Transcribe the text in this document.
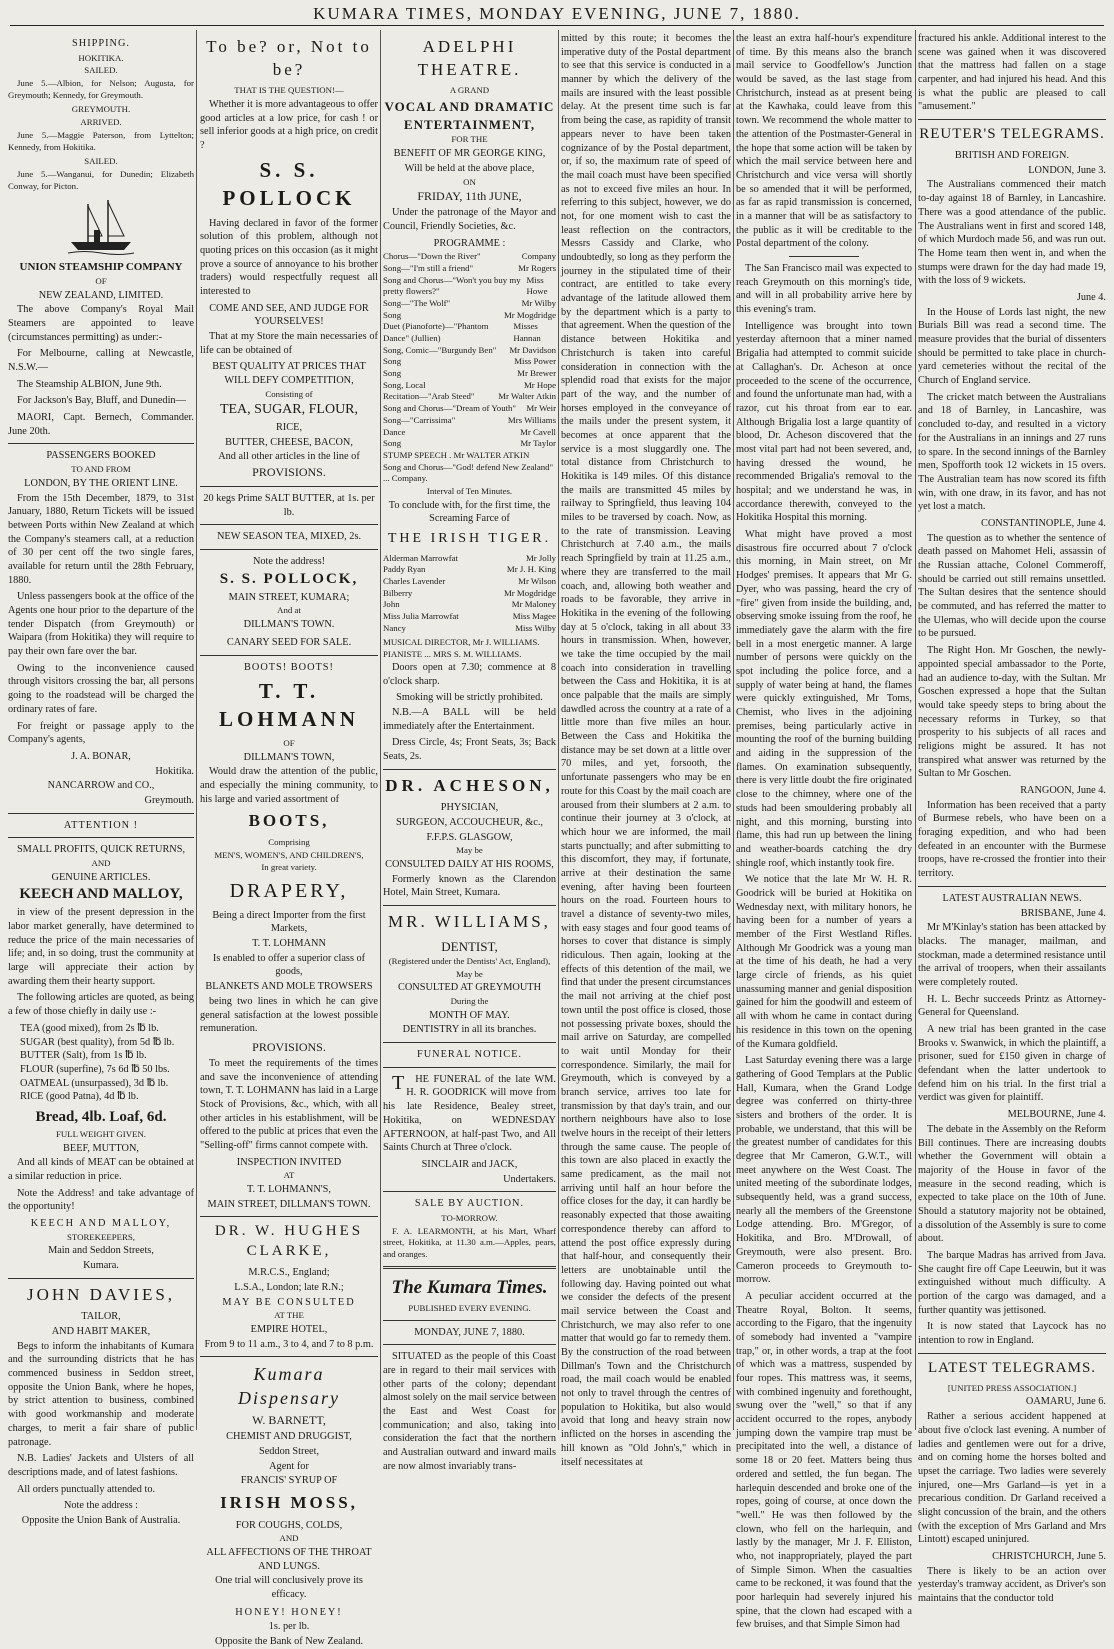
KUMARA TIMES, MONDAY EVENING, JUNE 7, 1880.
SHIPPING.
HOKITIKA.
SAILED.

June 5.—Albion, for Nelson; Augusta, for Greymouth; Kennedy, for Greymouth.

GREYMOUTH.
ARRIVED.

June 5.—Maggie Paterson, from Lyttelton; Kennedy, from Hokitika.

SAILED.

June 5.—Wanganui, for Dunedin; Elizabeth Conway, for Picton.

UNION STEAMSHIP COMPANY
OF
NEW ZEALAND, LIMITED.

The above Company's Royal Mail Steamers are appointed to leave (circumstances permitting) as under:-

For Melbourne, calling at Newcastle, N.S.W.—

The Steamship ALBION, June 9th.

For Jackson's Bay, Bluff, and Dunedin—

MAORI, Capt. Bernech, Commander. June 20th.

PASSENGERS BOOKED
TO AND FROM
LONDON, BY THE ORIENT LINE.

From the 15th December, 1879, to 31st January, 1880, Return Tickets will be issued between Ports within New Zealand at which the Company's steamers call, at a reduction of 30 per cent off the two single fares, available for return until the 28th February, 1880.

Unless passengers book at the office of the Agents one hour prior to the departure of the tender Dispatch (from Greymouth) or Waipara (from Hokitika) they will require to pay their own fare over the bar.

Owing to the inconvenience caused through visitors crossing the bar, all persons going to the roadstead will be charged the ordinary rates of fare.

For freight or passage apply to the Company's agents,

J. A. BONAR,
Hokitika.
NANCARROW and CO.,
Greymouth.
ATTENTION !
SMALL PROFITS, QUICK RETURNS,
AND
GENUINE ARTICLES.
KEECH AND MALLOY,

in view of the present depression in the labor market generally, have determined to reduce the price of the main necessaries of life; and, in so doing, trust the community at large will appreciate their action by awarding them their hearty support.

The following articles are quoted, as being a few of those chiefly in daily use :-

TEA (good mixed), from 2s ℔ lb.
SUGAR (best quality), from 5d ℔ lb.
BUTTER (Salt), from 1s ℔ lb.
FLOUR (superfine), 7s 6d ℔ 50 lbs.
OATMEAL (unsurpassed), 3d ℔ lb.
RICE (good Patna), 4d ℔ lb.
Bread, 4lb. Loaf, 6d.
FULL WEIGHT GIVEN.
BEEF, MUTTON,

And all kinds of MEAT can be obtained at a similar reduction in price.

Note the Address! and take advantage of the opportunity!

KEECH AND MALLOY,
STOREKEEPERS,
Main and Seddon Streets,
Kumara.
JOHN DAVIES,
TAILOR,
AND HABIT MAKER,

Begs to inform the inhabitants of Kumara and the surrounding districts that he has commenced business in Seddon street, opposite the Union Bank, where he hopes, by strict attention to business, combined with good workmanship and moderate charges, to merit a fair share of public patronage.

N.B. Ladies' Jackets and Ulsters of all descriptions made, and of latest fashions.

All orders punctually attended to.

Note the address :
Opposite the Union Bank of Australia.
To be? or, Not to be?
THAT IS THE QUESTION!—

Whether it is more advantageous to offer good articles at a low price, for cash ! or sell inferior goods at a high price, on credit ?

S. S. POLLOCK

Having declared in favor of the former solution of this problem, although not quoting prices on this occasion (as it might prove a source of annoyance to his brother traders) would respectfully request all interested to

COME AND SEE, AND JUDGE FOR YOURSELVES!

That at my Store the main necessaries of life can be obtained of

BEST QUALITY AT PRICES THAT WILL DEFY COMPETITION,
Consisting of
TEA, SUGAR, FLOUR,
RICE,
BUTTER, CHEESE, BACON,
And all other articles in the line of
PROVISIONS.
20 kegs Prime SALT BUTTER, at 1s. per lb.
NEW SEASON TEA, MIXED, 2s.
Note the address!
S. S. POLLOCK,
MAIN STREET, KUMARA;
And at
DILLMAN'S TOWN.
CANARY SEED FOR SALE.
BOOTS! BOOTS!
T. T. LOHMANN
OF
DILLMAN'S TOWN,

Would draw the attention of the public, and especially the mining community, to his large and varied assortment of

BOOTS,
Comprising
MEN'S, WOMEN'S, AND CHILDREN'S,
In great variety.
DRAPERY,
Being a direct Importer from the first Markets,
T. T. LOHMANN
Is enabled to offer a superior class of goods,
BLANKETS AND MOLE TROWSERS

being two lines in which he can give general satisfaction at the lowest possible remuneration.

PROVISIONS.

To meet the requirements of the times and save the inconvenience of attending town, T. T. LOHMANN has laid in a Large Stock of Provisions, &c., which, with all other articles in his establishment, will be offered to the public at prices that even the "Selling-off" firms cannot compete with.

INSPECTION INVITED
AT
T. T. LOHMANN'S,
MAIN STREET, DILLMAN'S TOWN.
DR. W. HUGHES CLARKE,
M.R.C.S., England;
L.S.A., London; late R.N.;
MAY BE CONSULTED
AT THE
EMPIRE HOTEL,
From 9 to 11 a.m., 3 to 4, and 7 to 8 p.m.
Kumara Dispensary
W. BARNETT,
CHEMIST AND DRUGGIST,
Seddon Street,
Agent for
FRANCIS' SYRUP OF
IRISH MOSS,
FOR COUGHS, COLDS,
AND
ALL AFFECTIONS OF THE THROAT AND LUNGS.
One trial will conclusively prove its efficacy.
HONEY! HONEY!
1s. per lb.
Opposite the Bank of New Zealand.
ADELPHI THEATRE.
A GRAND
VOCAL AND DRAMATIC
ENTERTAINMENT,
FOR THE
BENEFIT OF MR GEORGE KING,
Will be held at the above place,
ON
FRIDAY, 11th JUNE,

Under the patronage of the Mayor and Council, Friendly Societies, &c.

PROGRAMME :
Chorus—"Down the River"	Company
Song—"I'm still a friend"	Mr Rogers
Song and Chorus—"Won't you buy my pretty flowers?"
Miss Howe
Song—"The Wolf"	Mr Wilby
Song	Mr Mogdridge
Duet (Pianoforte)—"Phantom Dance" (Jullien)
Misses Hannan
Song, Comic—"Burgundy Ben" Mr Davidson
Song	Miss Power
Song	Mr Brewer
Song, Local	Mr Hope
Recitation—"Arab Steed"	Mr Walter Atkin
Song and Chorus—"Dream of Youth" Mr Weir
Song—"Carrissima"	Mrs Williams
Dance	Mr Cavell
Song	Mr Taylor
STUMP SPEECH . Mr WALTER ATKIN
Song and Chorus—"God! defend New Zealand" ... Company.
Interval of Ten Minutes.
To conclude with, for the first time, the Screaming Farce of
THE IRISH TIGER.
Alderman Marrowfat	Mr Jolly
Paddy Ryan	Mr J. H. King
Charles Lavender	Mr Wilson
Bilberry	Mr Mogdridge
John	Mr Maloney
Miss Julia Marrowfat	Miss Magee
Nancy	Miss Wilby
MUSICAL DIRECTOR, Mr J. WILLIAMS.
PIANISTE ... MRS S. M. WILLIAMS.

Doors open at 7.30; commence at 8 o'clock sharp.

Smoking will be strictly prohibited.

N.B.—A BALL will be held immediately after the Entertainment.

Dress Circle, 4s; Front Seats, 3s; Back Seats, 2s.

DR. ACHESON,
PHYSICIAN,
SURGEON, ACCOUCHEUR, &c.,
F.F.P.S. GLASGOW,
May be
CONSULTED DAILY AT HIS ROOMS,

Formerly known as the Clarendon Hotel, Main Street, Kumara.

MR. WILLIAMS,
DENTIST,
(Registered under the Dentists' Act, England),
May be
CONSULTED AT GREYMOUTH
During the
MONTH OF MAY.
DENTISTRY in all its branches.
FUNERAL NOTICE.

THE FUNERAL of the late WM. H. R. GOODRICK will move from his late Residence, Bealey street, Hokitika, on WEDNESDAY AFTERNOON, at half-past Two, and All Saints Church at Three o'clock.

SINCLAIR and JACK,
Undertakers.
SALE BY AUCTION.
TO-MORROW.

F. A. LEARMONTH, at his Mart, Wharf street, Hokitika, at 11.30 a.m.—Apples, pears, and oranges.

The Kumara Times.
PUBLISHED EVERY EVENING.
MONDAY, JUNE 7, 1880.

SITUATED as the people of this Coast are in regard to their mail services with other parts of the colony; dependant almost solely on the mail service between the East and West Coast for communication; and also, taking into consideration the fact that the northern and Australian outward and inward mails are now almost invariably trans-

mitted by this route; it becomes the imperative duty of the Postal department to see that this service is conducted in a manner by which the delivery of the mails are insured with the least possible delay. At the present time such is far from being the case, as rapidity of transit appears never to have been taken cognizance of by the Postal department, or, if so, the maximum rate of speed of the mail coach must have been specified as not to exceed five miles an hour. In referring to this subject, however, we do not, for one moment wish to cast the least reflection on the contractors, Messrs Cassidy and Clarke, who undoubtedly, so long as they perform the journey in the stipulated time of their contract, are entitled to take every advantage of the latitude allowed them by the department which is a party to that agreement. When the question of the distance between Hokitika and Christchurch is taken into careful consideration in connection with the splendid road that exists for the major part of the way, and the number of horses employed in the conveyance of the mails under the present system, it becomes at once apparent that the service is a most sluggardly one. The total distance from Christchurch to Hokitika is 149 miles. Of this distance the mails are transmitted 45 miles by railway to Springfield, thus leaving 104 miles to be traversed by coach. Now, as to the rate of transmission. Leaving Christchurch at 7.40 a.m., the mails reach Springfield by train at 11.25 a.m., where they are transferred to the mail coach, and, allowing both weather and roads to be favorable, they arrive in Hokitika in the evening of the following day at 5 o'clock, taking in all about 33 hours in transmission. When, however, we take the time occupied by the mail coach into consideration in travelling between the Cass and Hokitika, it is at once palpable that the mails are simply dawdled across the country at a rate of a little more than five miles an hour. Between the Cass and Hokitika the distance may be set down at a little over 70 miles, and yet, forsooth, the unfortunate passengers who may be en route for this Coast by the mail coach are aroused from their slumbers at 2 a.m. to continue their journey at 3 o'clock, at which hour we are informed, the mail starts punctually; and after submitting to this discomfort, they may, if fortunate, arrive at their destination the same evening, after having been fourteen hours on the road. Fourteen hours to travel a distance of seventy-two miles, with easy stages and four good teams of horses to cover that distance is simply ridiculous. Then again, looking at the effects of this detention of the mail, we find that under the present circumstances the mail not arriving at the chief post town until the post office is closed, those not possessing private boxes, should the mail arrive on Saturday, are compelled to wait until Monday for their correspondence. Similarly, the mail for Greymouth, which is conveyed by a branch service, arrives too late for transmission by that day's train, and our northern neighbours have also to lose twelve hours in the receipt of their letters through the same cause. The people of this town are also placed in exactly the same predicament, as the mail not arriving until half an hour before the office closes for the day, it can hardly be reasonably expected that those awaiting correspondence thereby can afford to attend the post office expressly during that half-hour, and consequently their letters are unobtainable until the following day. Having pointed out what we consider the defects of the present mail service between the Coast and Christchurch, we may also refer to one matter that would go far to remedy them. By the construction of the road between Dillman's Town and the Christchurch road, the mail coach would be enabled not only to travel through the centres of population to Hokitika, but also would avoid that long and heavy strain now inflicted on the horses in ascending the hill known as "Old John's," which in itself necessitates at

the least an extra half-hour's expenditure of time. By this means also the branch mail service to Goodfellow's Junction would be saved, as the last stage from Christchurch, instead as at present being at the Kawhaka, could leave from this town. We recommend the whole matter to the attention of the Postmaster-General in the hope that some action will be taken by which the mail service between here and Christchurch and vice versa will shortly be so amended that it will be performed, as far as rapid transmission is concerned, in a manner that will be as satisfactory to the public as it will be creditable to the Postal department of the colony.

The San Francisco mail was expected to reach Greymouth on this morning's tide, and will in all probability arrive here by this evening's tram.

Intelligence was brought into town yesterday afternoon that a miner named Brigalia had attempted to commit suicide at Callaghan's. Dr. Acheson at once proceeded to the scene of the occurrence, and found the unfortunate man had, with a razor, cut his throat from ear to ear. Although Brigalia lost a large quantity of blood, Dr. Acheson discovered that the most vital part had not been severed, and, having dressed the wound, he recommended Brigalia's removal to the hospital; and we understand he was, in accordance therewith, conveyed to the Hokitika Hospital this morning.

What might have proved a most disastrous fire occurred about 7 o'clock this morning, in Main street, on Mr Hodges' premises. It appears that Mr G. Dyer, who was passing, heard the cry of "fire" given from inside the building, and, observing smoke issuing from the roof, he immediately gave the alarm with the fire bell in a most energetic manner. A large number of persons were quickly on the spot including the police force, and a supply of water being at hand, the flames were quickly extinguished, Mr Toms, Chemist, who lives in the adjoining premises, being particularly active in mounting the roof of the burning building and aiding in the suppression of the flames. On examination subsequently, there is very little doubt the fire originated close to the chimney, where one of the studs had been smouldering probably all night, and this morning, bursting into flame, this had run up between the lining and weather-boards catching the dry shingle roof, which instantly took fire.

We notice that the late Mr W. H. R. Goodrick will be buried at Hokitika on Wednesday next, with military honors, he having been for a number of years a member of the First Westland Rifles. Although Mr Goodrick was a young man at the time of his death, he had a very large circle of friends, as his quiet unassuming manner and genial disposition gained for him the goodwill and esteem of all with whom he came in contact during his residence in this town on the opening of the Kumara goldfield.

Last Saturday evening there was a large gathering of Good Templars at the Public Hall, Kumara, when the Grand Lodge degree was conferred on thirty-three sisters and brothers of the order. It is probable, we understand, that this will be the greatest number of candidates for this degree that Mr Cameron, G.W.T., will meet anywhere on the West Coast. The united meeting of the subordinate lodges, subsequently held, was a grand success, nearly all the members of the Greenstone Lodge attending. Bro. M'Gregor, of Hokitika, and Bro. M'Drowall, of Greymouth, were also present. Bro. Cameron proceeds to Greymouth to-morrow.

A peculiar accident occurred at the Theatre Royal, Bolton. It seems, according to the Figaro, that the ingenuity of somebody had invented a "vampire trap," or, in other words, a trap at the foot of which was a mattress, suspended by four ropes. This mattress was, it seems, with combined ingenuity and forethought, swung over the "well," so that if any accident occurred to the ropes, anybody jumping down the vampire trap must be precipitated into the well, a distance of some 18 or 20 feet. Matters being thus ordered and settled, the fun began. The harlequin descended and broke one of the ropes, going of course, at once down the "well." He was then followed by the clown, who fell on the harlequin, and lastly by the manager, Mr J. F. Elliston, who, not inappropriately, played the part of Simple Simon. When the casualties came to be reckoned, it was found that the poor harlequin had severely injured his spine, that the clown had escaped with a few bruises, and that Simple Simon had

fractured his ankle. Additional interest to the scene was gained when it was discovered that the mattress had fallen on a stage carpenter, and had injured his head. And this is what the public are pleased to call "amusement."

REUTER'S TELEGRAMS.
BRITISH AND FOREIGN.
LONDON, June 3.

The Australians commenced their match to-day against 18 of Barnley, in Lancashire. There was a good attendance of the public. The Australians went in first and scored 148, of which Murdoch made 56, and was run out. The Home team then went in, and when the stumps were drawn for the day had made 19, with the loss of 9 wickets.

June 4.

In the House of Lords last night, the new Burials Bill was read a second time. The measure provides that the burial of dissenters should be permitted to take place in church-yard cemeteries without the recital of the Church of England service.

The cricket match between the Australians and 18 of Barnley, in Lancashire, was concluded to-day, and resulted in a victory for the Australians in an innings and 27 runs to spare. In the second innings of the Barnley men, Spofforth took 12 wickets in 15 overs. The Australian team has now scored its fifth win, with one draw, in its favor, and has not yet lost a match.

CONSTANTINOPLE, June 4.

The question as to whether the sentence of death passed on Mahomet Heli, assassin of the Russian attache, Colonel Commeroff, should be carried out still remains unsettled. The Sultan desires that the sentence should be commuted, and has referred the matter to the Ulemas, who will decide upon the course to be pursued.

The Right Hon. Mr Goschen, the newly-appointed special ambassador to the Porte, had an audience to-day, with the Sultan. Mr Goschen expressed a hope that the Sultan would take speedy steps to bring about the necessary reforms in Turkey, so that prosperity to his subjects of all races and religions might be assured. It has not transpired what answer was returned by the Sultan to Mr Goschen.

RANGOON, June 4.

Information has been received that a party of Burmese rebels, who have been on a foraging expedition, and who had been defeated in an encounter with the Burmese troops, have re-crossed the frontier into their territory.

LATEST AUSTRALIAN NEWS.
BRISBANE, June 4.

Mr M'Kinlay's station has been attacked by blacks. The manager, mailman, and stockman, made a determined resistance until the arrival of troopers, when their assailants were completely routed.

H. L. Bechr succeeds Printz as Attorney-General for Queensland.

A new trial has been granted in the case Brooks v. Swanwick, in which the plaintiff, a prisoner, sued for £150 given in charge of defendant when the latter undertook to defend him on his trial. In the first trial a verdict was given for plaintiff.

MELBOURNE, June 4.

The debate in the Assembly on the Reform Bill continues. There are increasing doubts whether the Government will obtain a majority of the House in favor of the measure in the second reading, which is expected to take place on the 10th of June. Should a statutory majority not be obtained, a dissolution of the Assembly is sure to come about.

The barque Madras has arrived from Java. She caught fire off Cape Leeuwin, but it was extinguished without much difficulty. A portion of the cargo was damaged, and a further quantity was jettisoned.

It is now stated that Laycock has no intention to row in England.

LATEST TELEGRAMS.
[UNITED PRESS ASSOCIATION.]
OAMARU, June 6.

Rather a serious accident happened at about five o'clock last evening. A number of ladies and gentlemen were out for a drive, and on coming home the horses bolted and upset the carriage. Two ladies were severely injured, one—Mrs Garland—is yet in a precarious condition. Dr Garland received a slight concussion of the brain, and the others (with the exception of Mrs Garland and Mrs Lintott) escaped uninjured.

CHRISTCHURCH, June 5.

There is likely to be an action over yesterday's tramway accident, as Driver's son maintains that the conductor told
